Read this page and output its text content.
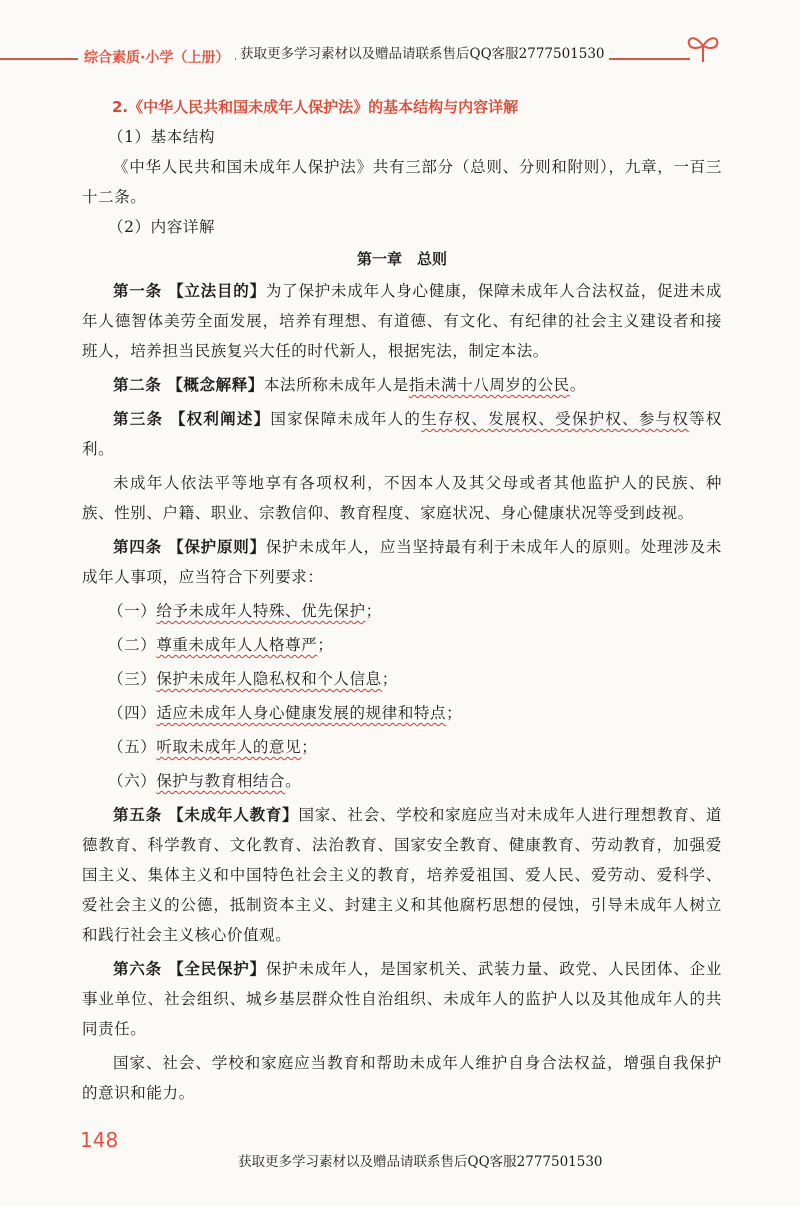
综合素质·小学（上册） 获取更多学习素材以及赠品请联系售后QQ客服2777501530
2.《中华人民共和国未成年人保护法》的基本结构与内容详解

（1）基本结构

《中华人民共和国未成年人保护法》共有三部分（总则、分则和附则），九章，一百三十二条。

（2）内容详解

第一章　总则

第一条 【立法目的】为了保护未成年人身心健康，保障未成年人合法权益，促进未成年人德智体美劳全面发展，培养有理想、有道德、有文化、有纪律的社会主义建设者和接班人，培养担当民族复兴大任的时代新人，根据宪法，制定本法。

第二条 【概念解释】本法所称未成年人是指未满十八周岁的公民。

第三条 【权利阐述】国家保障未成年人的生存权、发展权、受保护权、参与权等权利。

未成年人依法平等地享有各项权利，不因本人及其父母或者其他监护人的民族、种族、性别、户籍、职业、宗教信仰、教育程度、家庭状况、身心健康状况等受到歧视。

第四条 【保护原则】保护未成年人，应当坚持最有利于未成年人的原则。处理涉及未成年人事项，应当符合下列要求：

（一）给予未成年人特殊、优先保护；

（二）尊重未成年人人格尊严；

（三）保护未成年人隐私权和个人信息；

（四）适应未成年人身心健康发展的规律和特点；

（五）听取未成年人的意见；

（六）保护与教育相结合。

第五条 【未成年人教育】国家、社会、学校和家庭应当对未成年人进行理想教育、道德教育、科学教育、文化教育、法治教育、国家安全教育、健康教育、劳动教育，加强爱国主义、集体主义和中国特色社会主义的教育，培养爱祖国、爱人民、爱劳动、爱科学、爱社会主义的公德，抵制资本主义、封建主义和其他腐朽思想的侵蚀，引导未成年人树立和践行社会主义核心价值观。

第六条 【全民保护】保护未成年人，是国家机关、武装力量、政党、人民团体、企业事业单位、社会组织、城乡基层群众性自治组织、未成年人的监护人以及其他成年人的共同责任。

国家、社会、学校和家庭应当教育和帮助未成年人维护自身合法权益，增强自我保护的意识和能力。

148
获取更多学习素材以及赠品请联系售后QQ客服2777501530
